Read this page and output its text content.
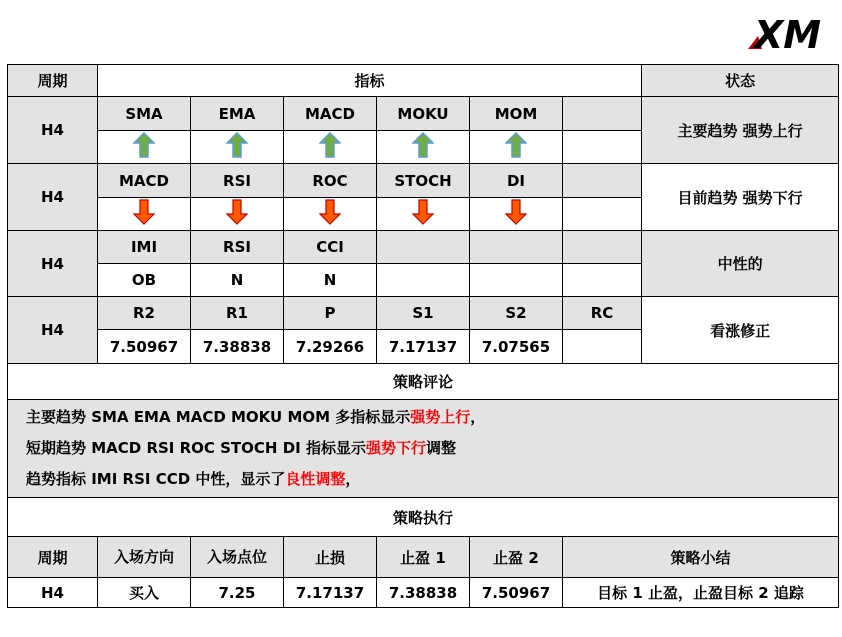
XM
周期	指标						状态
H4	SMA	EMA	MACD	MOKU	MOM		主要趋势 强势上行

H4	MACD	RSI	ROC	STOCH	DI		目前趋势 强势下行

H4	IMI	RSI	CCI				中性的
	OB	N	N				
H4	R2	R1	P	S1	S2	RC	看涨修正
	7.50967	7.38838	7.29266	7.17137	7.07565		
策略评论							

主要趋势 SMA EMA MACD MOKU MOM 多指标显示强势上行，
短期趋势 MACD RSI ROC STOCH DI 指标显示强势下行调整
趋势指标 IMI RSI CCD 中性，显示了良性调整，							

策略执行							
周期	入场方向	入场点位	止损	止盈 1	止盈 2	策略小结	
H4	买入	7.25	7.17137	7.38838	7.50967	目标 1 止盈，止盈目标 2 追踪	
